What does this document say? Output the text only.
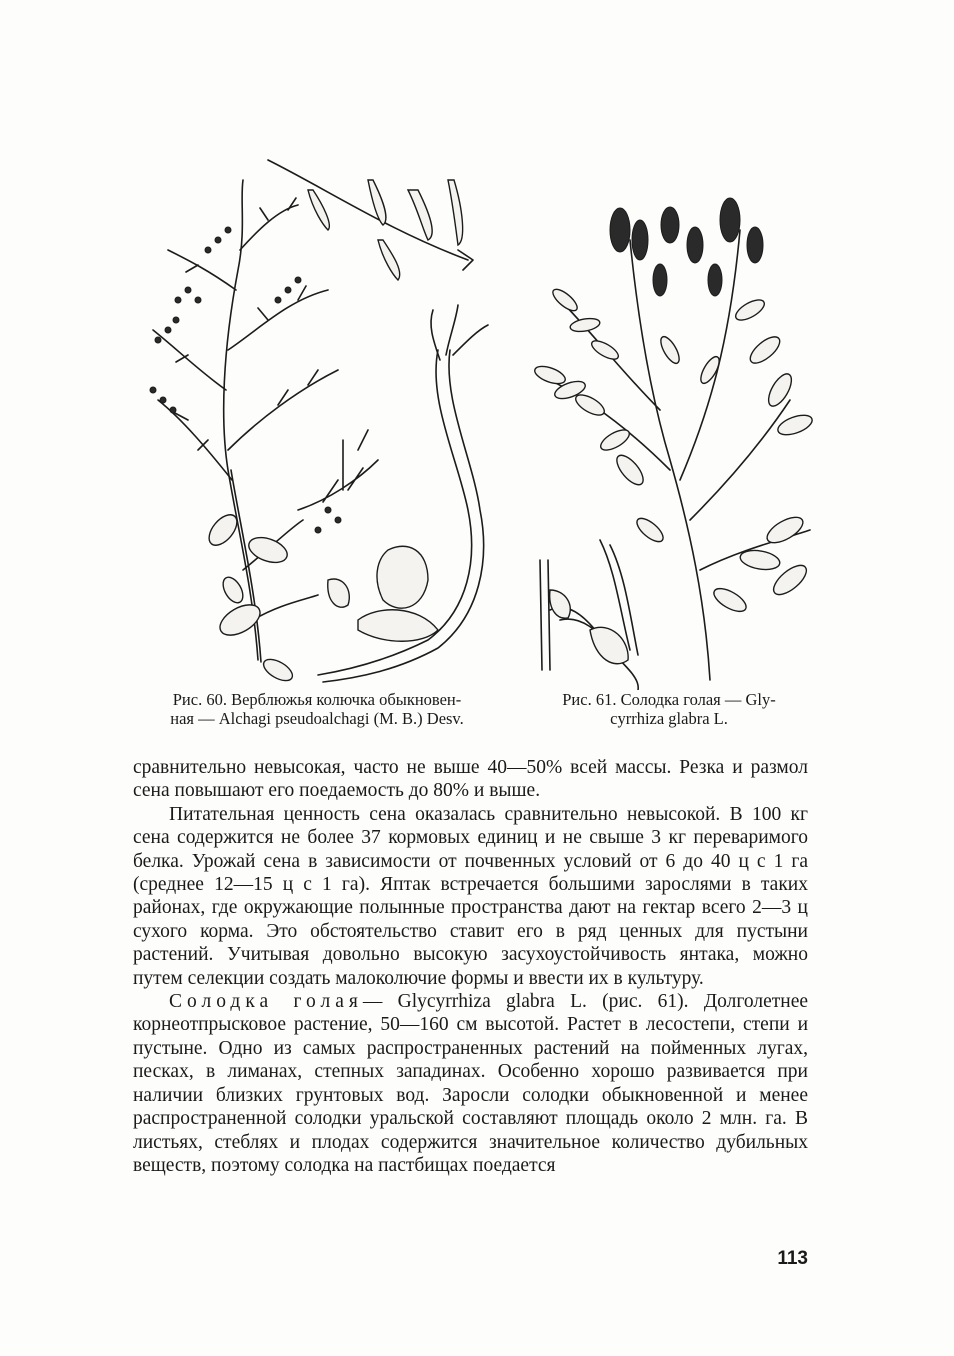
Рис. 60. Верблюжья колючка обыкновен-
ная — Alchagi pseudoalchagi (M. B.) Desv.
Рис. 61. Солодка голая — Gly-
cyrrhiza glabra L.

сравнительно невысокая, часто не выше 40—50% всей массы. Резка и размол сена повышают его поедаемость до 80% и выше.

Питательная ценность сена оказалась сравнительно невысокой. В 100 кг сена содержится не более 37 кормовых единиц и не свыше 3 кг переваримого белка. Урожай сена в зависимости от почвенных условий от 6 до 40 ц с 1 га (среднее 12—15 ц с 1 га). Яптак встречается большими зарослями в таких районах, где окружающие полынные пространства дают на гектар всего 2—3 ц сухого корма. Это обстоятельство ставит его в ряд ценных для пустыни растений. Учитывая довольно высокую засухоустойчивость янтака, можно путем селекции создать малоколючие формы и ввести их в культуру.

Солодка голая— Glycyrrhiza glabra L. (рис. 61). Долголетнее корнеотпрысковое растение, 50—160 см высотой. Растет в лесостепи, степи и пустыне. Одно из самых распространенных растений на пойменных лугах, песках, в лиманах, степных западинах. Особенно хорошо развивается при наличии близких грунтовых вод. Заросли солодки обыкновенной и менее распространенной солодки уральской составляют площадь около 2 млн. га. В листьях, стеблях и плодах содержится значительное количество дубильных веществ, поэтому солодка на пастбищах поедается

113
